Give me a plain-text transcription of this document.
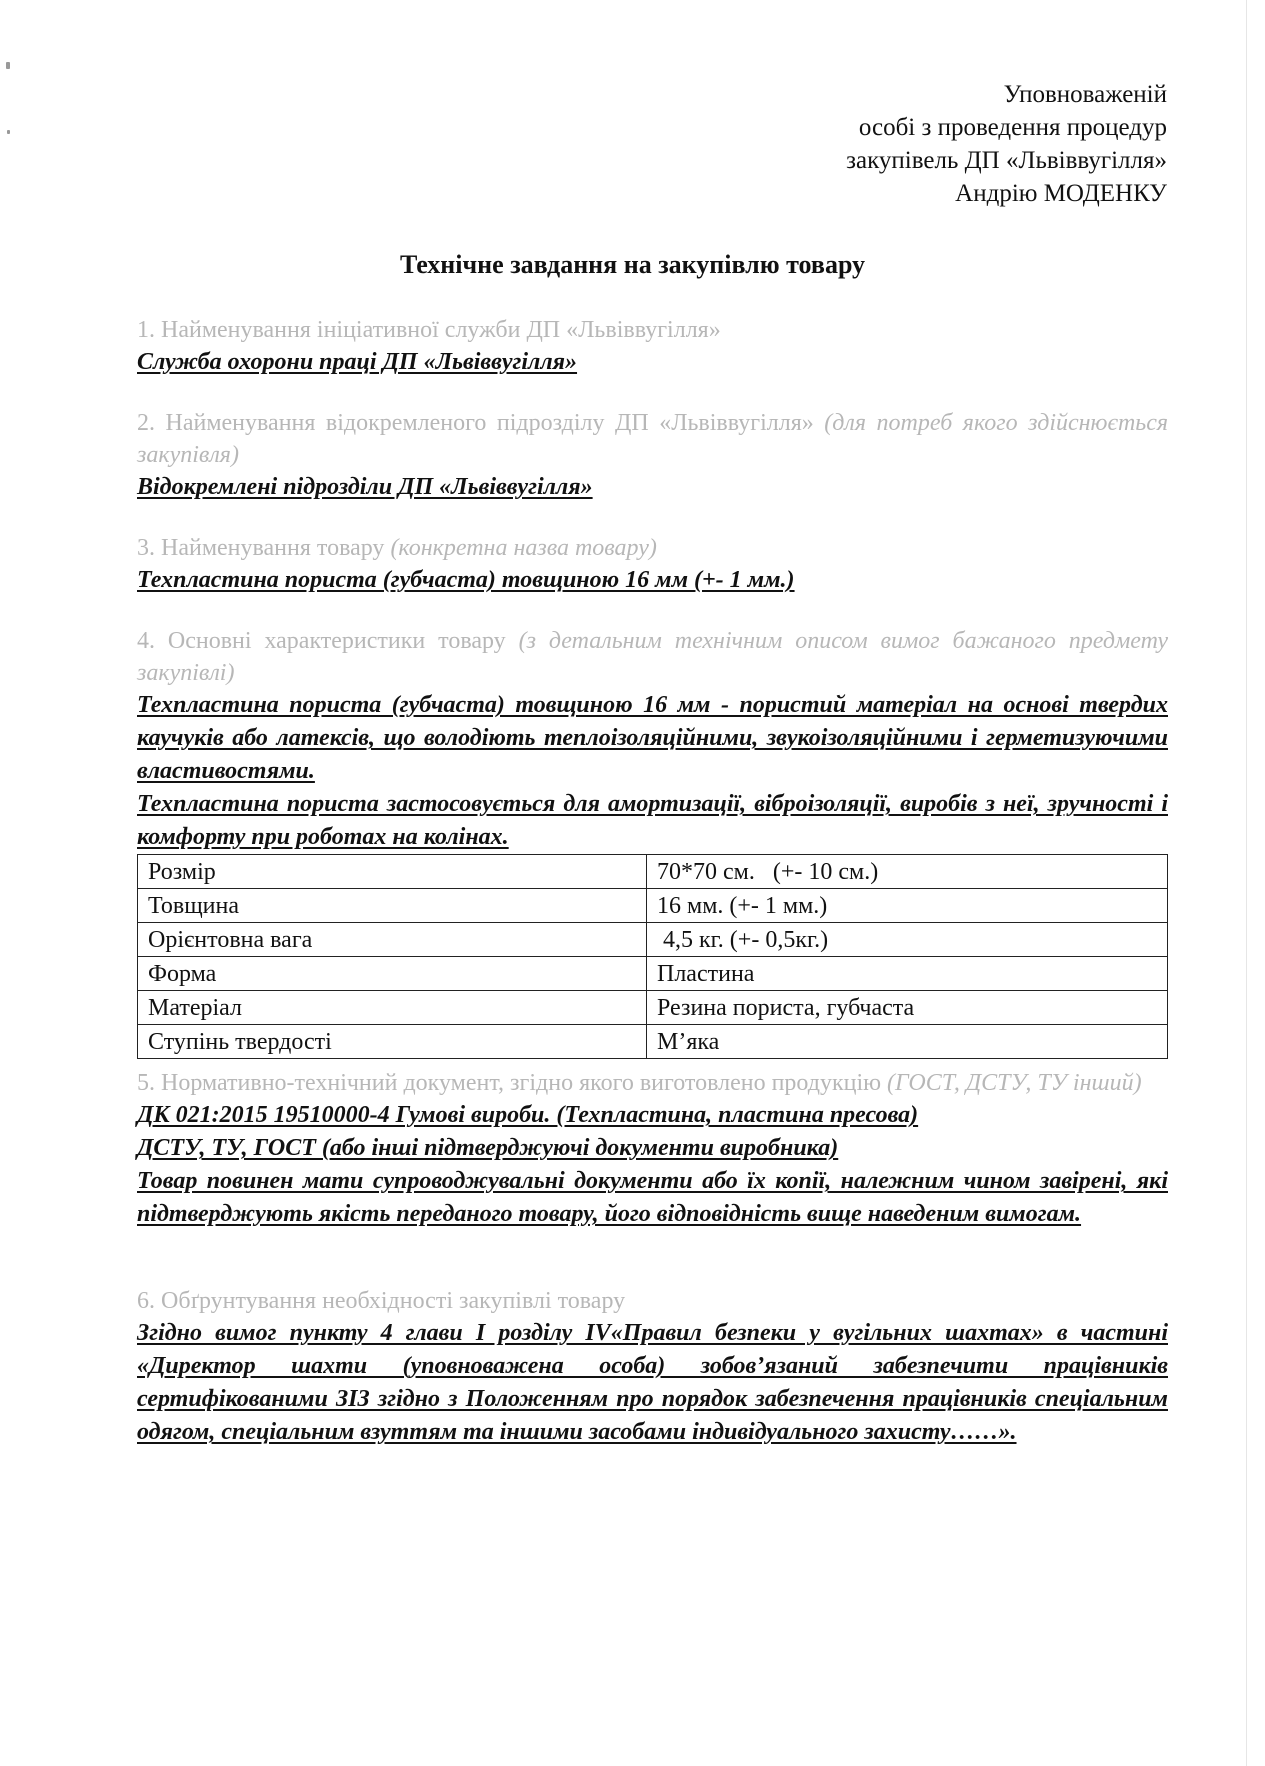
Уповноваженій
особі з проведення процедур
закупівель ДП «Львіввугілля»
Андрію МОДЕНКУ
Технічне завдання на закупівлю товару
1. Найменування ініціативної служби ДП «Львіввугілля»
Служба охорони праці ДП «Львіввугілля»
2. Найменування відокремленого підрозділу ДП «Львіввугілля» (для потреб якого здійснюється закупівля)
Відокремлені підрозділи ДП «Львіввугілля»
3. Найменування товару (конкретна назва товару)
Техпластина пориста (губчаста) товщиною 16 мм (+- 1 мм.)
4. Основні характеристики товару (з детальним технічним описом вимог бажаного предмету закупівлі)
Техпластина пориста (губчаста) товщиною 16 мм - пористий матеріал на основі твердих каучуків або латексів, що володіють теплоізоляційними, звукоізоляційними і герметизуючими властивостями.
Техпластина пориста застосовується для амортизації, віброізоляції, виробів з неї, зручності і комфорту при роботах на колінах.
Розмір	70*70 см.   (+- 10 см.)
Товщина	16 мм. (+- 1 мм.)
Орієнтовна вага	4,5 кг. (+- 0,5кг.)
Форма	Пластина
Матеріал	Резина пориста, губчаста
Ступінь твердості	М’яка
5. Нормативно-технічний документ, згідно якого виготовлено продукцію (ГОСТ, ДСТУ, ТУ інший)
ДК 021:2015 19510000-4 Гумові вироби. (Техпластина, пластина пресова)
ДСТУ, ТУ, ГОСТ (або інші підтверджуючі документи виробника)
Товар повинен мати супроводжувальні документи або їх копії, належним чином завірені, які підтверджують якість переданого товару, його відповідність вище наведеним вимогам.
6. Обґрунтування необхідності закупівлі товару
Згідно вимог пункту 4 глави I розділу IV«Правил безпеки у вугільних шахтах» в частині «Директор шахти (уповноважена особа) зобов’язаний забезпечити працівників сертифікованими ЗІЗ згідно з Положенням про порядок забезпечення працівників спеціальним одягом, спеціальним взуттям та іншими засобами індивідуального захисту……».
